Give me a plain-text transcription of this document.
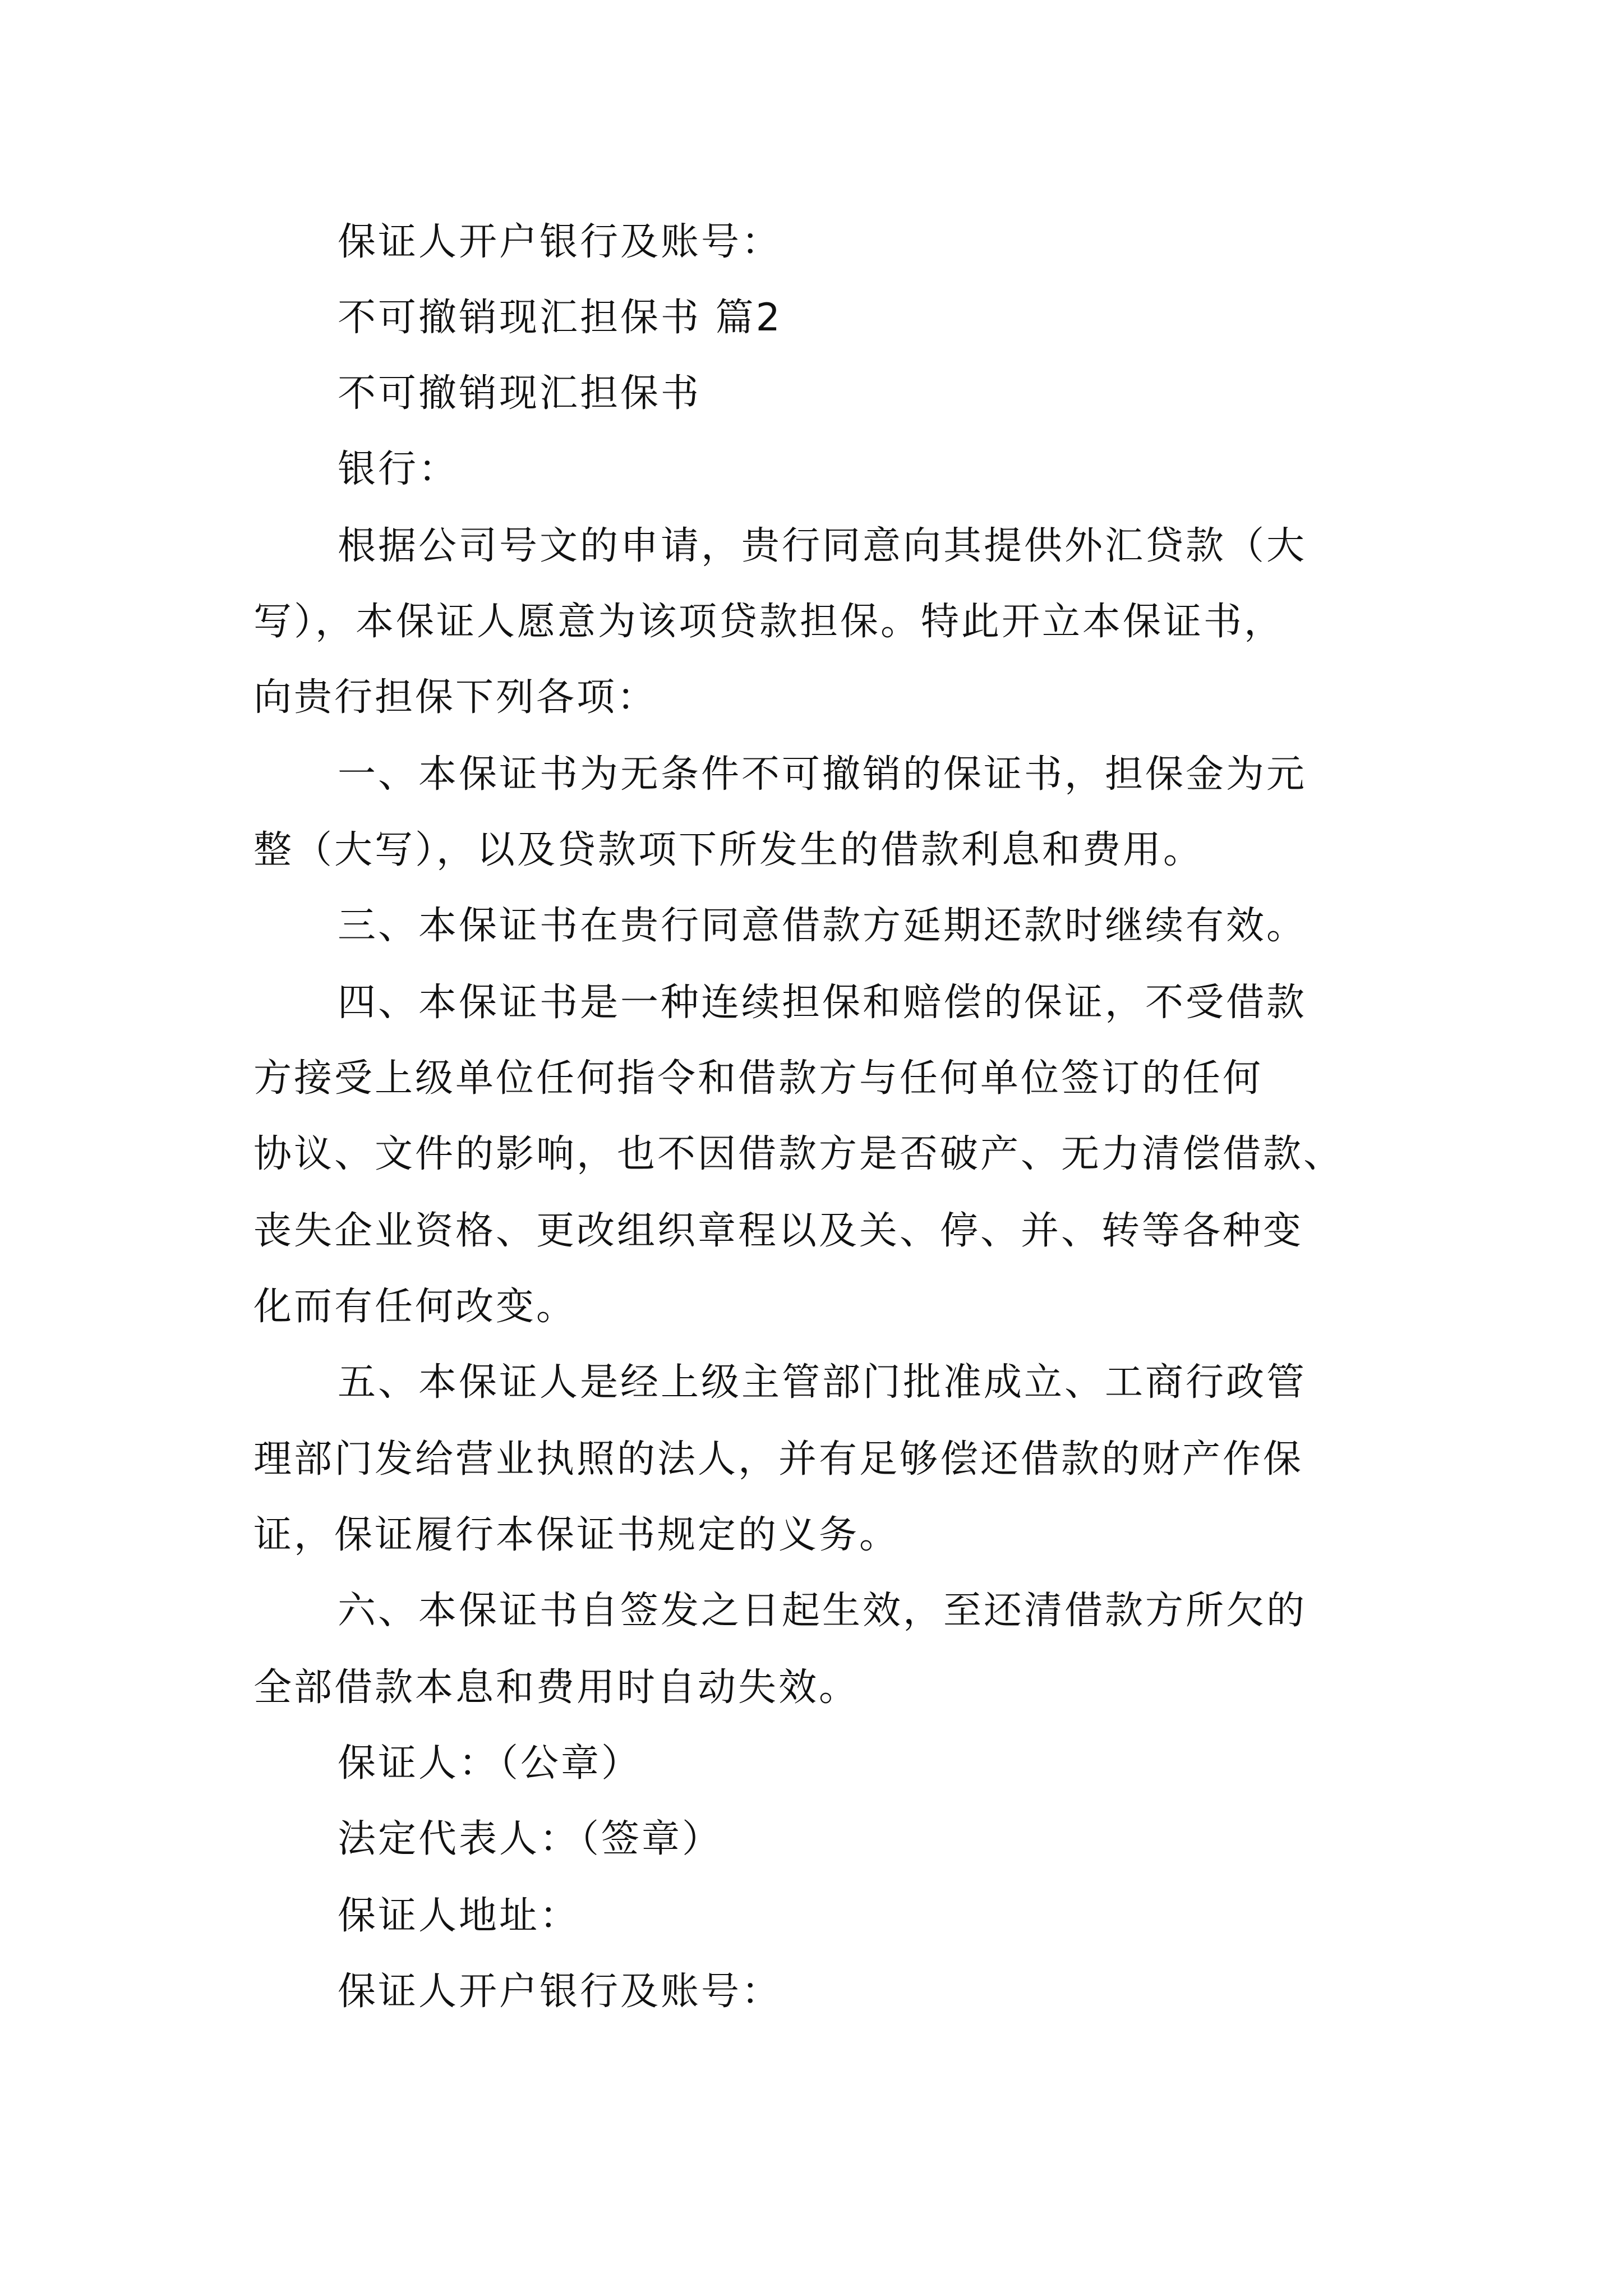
保证人开户银行及账号：

不可撤销现汇担保书 篇2

不可撤销现汇担保书

银行：

根据公司号文的申请，贵行同意向其提供外汇贷款（大

写），本保证人愿意为该项贷款担保。特此开立本保证书，

向贵行担保下列各项：

一、本保证书为无条件不可撤销的保证书，担保金为元

整（大写），以及贷款项下所发生的借款利息和费用。

三、本保证书在贵行同意借款方延期还款时继续有效。

四、本保证书是一种连续担保和赔偿的保证，不受借款

方接受上级单位任何指令和借款方与任何单位签订的任何

协议、文件的影响，也不因借款方是否破产、无力清偿借款、

丧失企业资格、更改组织章程以及关、停、并、转等各种变

化而有任何改变。

五、本保证人是经上级主管部门批准成立、工商行政管

理部门发给营业执照的法人，并有足够偿还借款的财产作保

证，保证履行本保证书规定的义务。

六、本保证书自签发之日起生效，至还清借款方所欠的

全部借款本息和费用时自动失效。

保证人：（公章）

法定代表人：（签章）

保证人地址：

保证人开户银行及账号：
